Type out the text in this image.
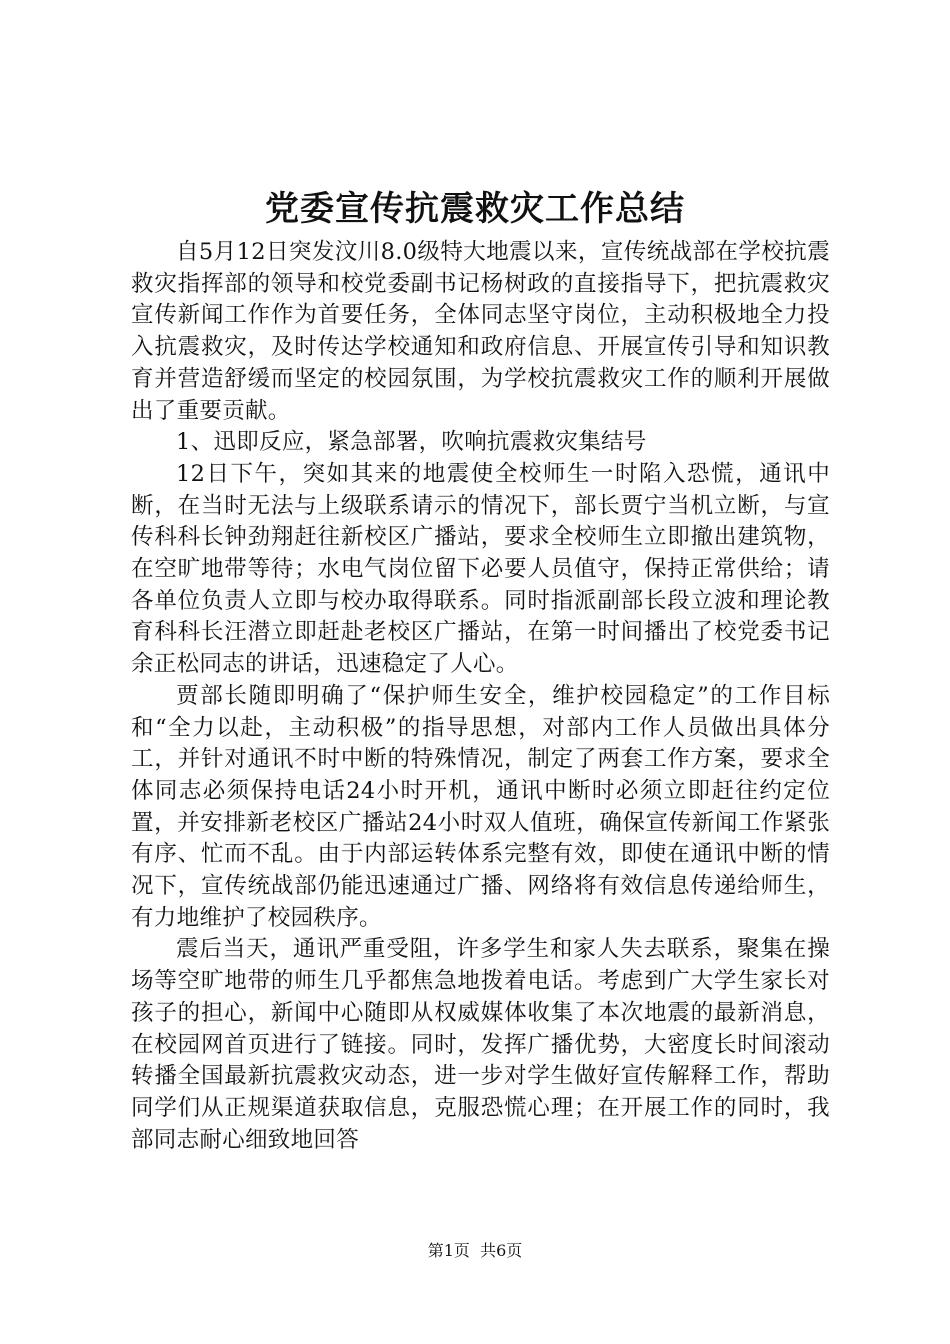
党委宣传抗震救灾工作总结

自5月12日突发汶川8.0级特大地震以来，宣传统战部在学校抗震救灾指挥部的领导和校党委副书记杨树政的直接指导下，把抗震救灾宣传新闻工作作为首要任务，全体同志坚守岗位，主动积极地全力投入抗震救灾，及时传达学校通知和政府信息、开展宣传引导和知识教育并营造舒缓而坚定的校园氛围，为学校抗震救灾工作的顺利开展做出了重要贡献。

1、迅即反应，紧急部署，吹响抗震救灾集结号

12日下午，突如其来的地震使全校师生一时陷入恐慌，通讯中断，在当时无法与上级联系请示的情况下，部长贾宁当机立断，与宣传科科长钟劲翔赶往新校区广播站，要求全校师生立即撤出建筑物，在空旷地带等待；水电气岗位留下必要人员值守，保持正常供给；请各单位负责人立即与校办取得联系。同时指派副部长段立波和理论教育科科长汪潜立即赶赴老校区广播站，在第一时间播出了校党委书记余正松同志的讲话，迅速稳定了人心。

贾部长随即明确了“保护师生安全，维护校园稳定”的工作目标和“全力以赴，主动积极”的指导思想，对部内工作人员做出具体分工，并针对通讯不时中断的特殊情况，制定了两套工作方案，要求全体同志必须保持电话24小时开机，通讯中断时必须立即赶往约定位置，并安排新老校区广播站24小时双人值班，确保宣传新闻工作紧张有序、忙而不乱。由于内部运转体系完整有效，即使在通讯中断的情况下，宣传统战部仍能迅速通过广播、网络将有效信息传递给师生，有力地维护了校园秩序。

震后当天，通讯严重受阻，许多学生和家人失去联系，聚集在操场等空旷地带的师生几乎都焦急地拨着电话。考虑到广大学生家长对孩子的担心，新闻中心随即从权威媒体收集了本次地震的最新消息，在校园网首页进行了链接。同时，发挥广播优势，大密度长时间滚动转播全国最新抗震救灾动态，进一步对学生做好宣传解释工作，帮助同学们从正规渠道获取信息，克服恐慌心理；在开展工作的同时，我部同志耐心细致地回答

第1页 共6页
